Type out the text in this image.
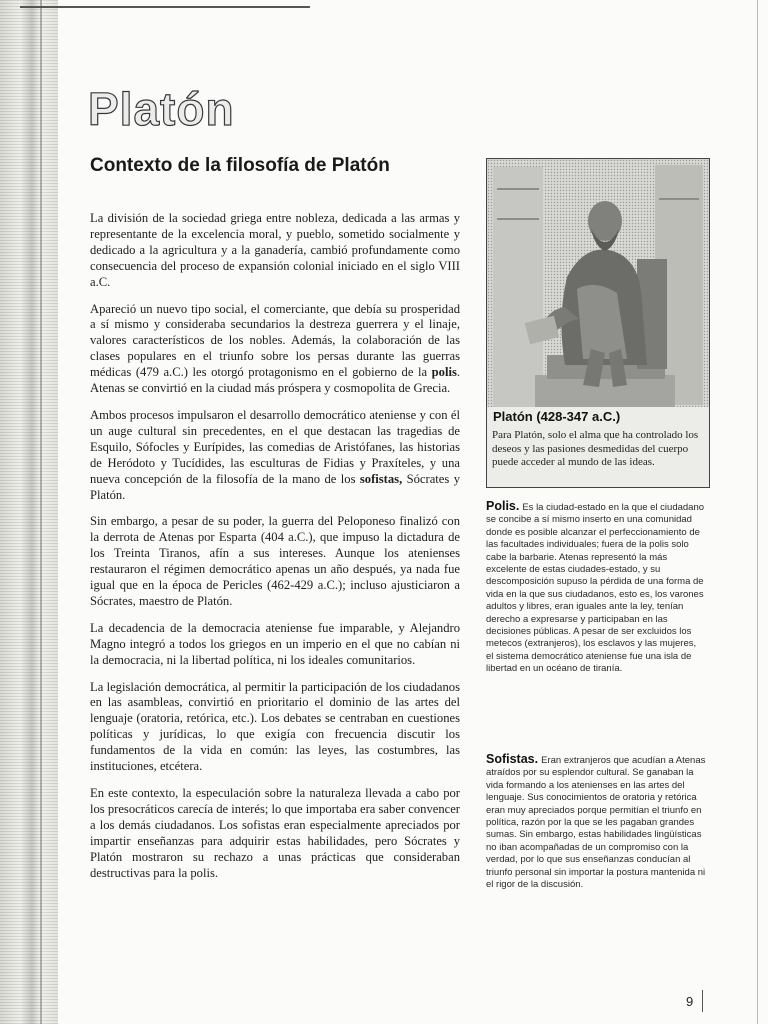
Platón
Contexto de la filosofía de Platón

La división de la sociedad griega entre nobleza, dedicada a las armas y representante de la excelencia moral, y pueblo, sometido socialmente y dedicado a la agricultura y a la ganadería, cambió profundamente como consecuencia del proceso de expansión colonial iniciado en el siglo VIII a.C.

Apareció un nuevo tipo social, el comerciante, que debía su prosperidad a sí mismo y consideraba secundarios la destreza guerrera y el linaje, valores característicos de los nobles. Además, la colaboración de las clases populares en el triunfo sobre los persas durante las guerras médicas (479 a.C.) les otorgó protagonismo en el gobierno de la polis. Atenas se convirtió en la ciudad más próspera y cosmopolita de Grecia.

Ambos procesos impulsaron el desarrollo democrático ateniense y con él un auge cultural sin precedentes, en el que destacan las tragedias de Esquilo, Sófocles y Eurípides, las comedias de Aristófanes, las historias de Heródoto y Tucídides, las esculturas de Fidias y Praxíteles, y una nueva concepción de la filosofía de la mano de los sofistas, Sócrates y Platón.

Sin embargo, a pesar de su poder, la guerra del Peloponeso finalizó con la derrota de Atenas por Esparta (404 a.C.), que impuso la dictadura de los Treinta Tiranos, afín a sus intereses. Aunque los atenienses restauraron el régimen democrático apenas un año después, ya nada fue igual que en la época de Pericles (462-429 a.C.); incluso ajusticiaron a Sócrates, maestro de Platón.

La decadencia de la democracia ateniense fue imparable, y Alejandro Magno integró a todos los griegos en un imperio en el que no cabían ni la democracia, ni la libertad política, ni los ideales comunitarios.

La legislación democrática, al permitir la participación de los ciudadanos en las asambleas, convirtió en prioritario el dominio de las artes del lenguaje (oratoria, retórica, etc.). Los debates se centraban en cuestiones políticas y jurídicas, lo que exigía con frecuencia discutir los fundamentos de la vida en común: las leyes, las costumbres, las instituciones, etcétera.

En este contexto, la especulación sobre la naturaleza llevada a cabo por los presocráticos carecía de interés; lo que importaba era saber convencer a los demás ciudadanos. Los sofistas eran especialmente apreciados por impartir enseñanzas para adquirir estas habilidades, pero Sócrates y Platón mostraron su rechazo a unas prácticas que consideraban destructivas para la polis.

Platón (428-347 a.C.)
Para Platón, solo el alma que ha controlado los deseos y las pasiones desmedidas del cuerpo puede acceder al mundo de las ideas.
Polis. Es la ciudad-estado en la que el ciudadano se concibe a sí mismo inserto en una comunidad donde es posible alcanzar el perfeccionamiento de las facultades individuales; fuera de la polis solo cabe la barbarie. Atenas representó la más excelente de estas ciudades-estado, y su descomposición supuso la pérdida de una forma de vida en la que sus ciudadanos, esto es, los varones adultos y libres, eran iguales ante la ley, tenían derecho a expresarse y participaban en las decisiones públicas. A pesar de ser excluidos los metecos (extranjeros), los esclavos y las mujeres, el sistema democrático ateniense fue una isla de libertad en un océano de tiranía.
Sofistas. Eran extranjeros que acudían a Atenas atraídos por su esplendor cultural. Se ganaban la vida formando a los atenienses en las artes del lenguaje. Sus conocimientos de oratoria y retórica eran muy apreciados porque permitían el triunfo en política, razón por la que se les pagaban grandes sumas. Sin embargo, estas habilidades lingüísticas no iban acompañadas de un compromiso con la verdad, por lo que sus enseñanzas conducían al triunfo personal sin importar la postura mantenida ni el rigor de la discusión.
9
